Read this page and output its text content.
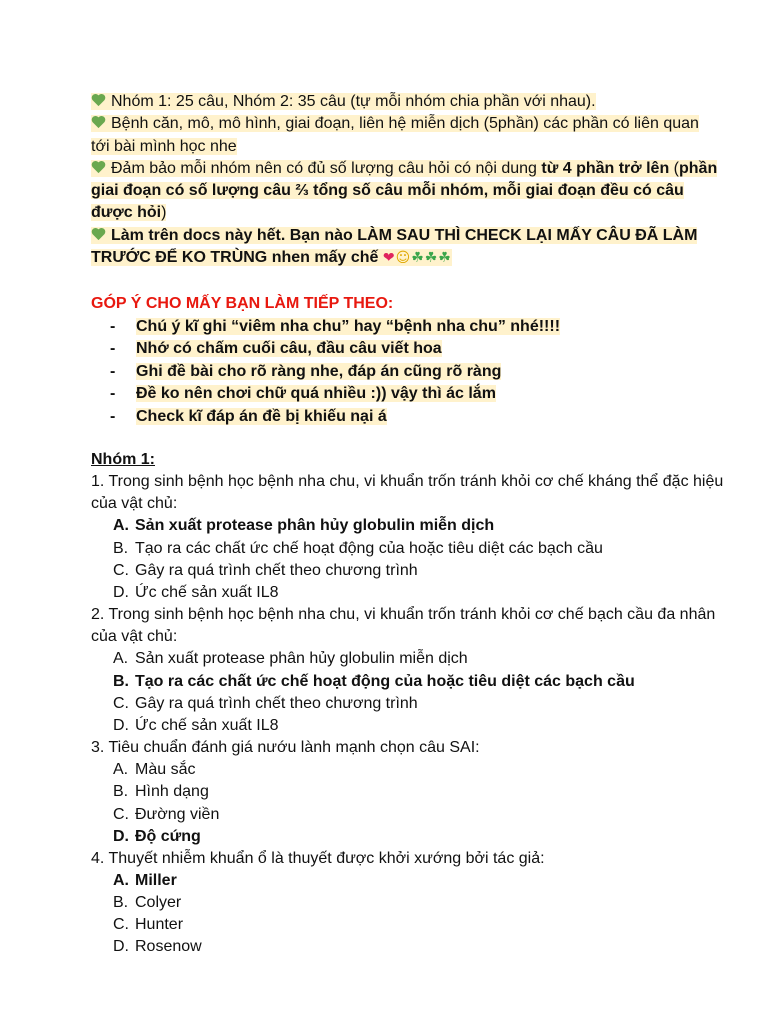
Nhóm 1: 25 câu, Nhóm 2: 35 câu (tự mỗi nhóm chia phần với nhau).

Bệnh căn, mô, mô hình, giai đoạn, liên hệ miễn dịch (5phần) các phần có liên quan tới bài mình học nhe

Đảm bảo mỗi nhóm nên có đủ số lượng câu hỏi có nội dung từ 4 phần trở lên (phần giai đoạn có số lượng câu ⅔ tổng số câu mỗi nhóm, mỗi giai đoạn đều có câu được hỏi)

Làm trên docs này hết. Bạn nào LÀM SAU THÌ CHECK LẠI MẤY CÂU ĐÃ LÀM TRƯỚC ĐỂ KO TRÙNG nhen mấy chế ❤☺☘☘☘
GÓP Ý CHO MẤY BẠN LÀM TIẾP THEO:
- Chú ý kĩ ghi “viêm nha chu” hay “bệnh nha chu” nhé!!!!
- Nhớ có chấm cuối câu, đầu câu viết hoa
- Ghi đề bài cho rõ ràng nhe, đáp án cũng rõ ràng
- Đề ko nên chơi chữ quá nhiều :)) vậy thì ác lắm
- Check kĩ đáp án đề bị khiếu nại á
Nhóm 1:
1. Trong sinh bệnh học bệnh nha chu, vi khuẩn trốn tránh khỏi cơ chế kháng thể đặc hiệu của vật chủ:
A. Sản xuất protease phân hủy globulin miễn dịch
B. Tạo ra các chất ức chế hoạt động của hoặc tiêu diệt các bạch cầu
C. Gây ra quá trình chết theo chương trình
D. Ức chế sản xuất IL8
2. Trong sinh bệnh học bệnh nha chu, vi khuẩn trốn tránh khỏi cơ chế bạch cầu đa nhân của vật chủ:
A. Sản xuất protease phân hủy globulin miễn dịch
B. Tạo ra các chất ức chế hoạt động của hoặc tiêu diệt các bạch cầu
C. Gây ra quá trình chết theo chương trình
D. Ức chế sản xuất IL8
3. Tiêu chuẩn đánh giá nướu lành mạnh chọn câu SAI:
A. Màu sắc
B. Hình dạng
C. Đường viền
D. Độ cứng
4. Thuyết nhiễm khuẩn ổ là thuyết được khởi xướng bởi tác giả:
A. Miller
B. Colyer
C. Hunter
D. Rosenow
